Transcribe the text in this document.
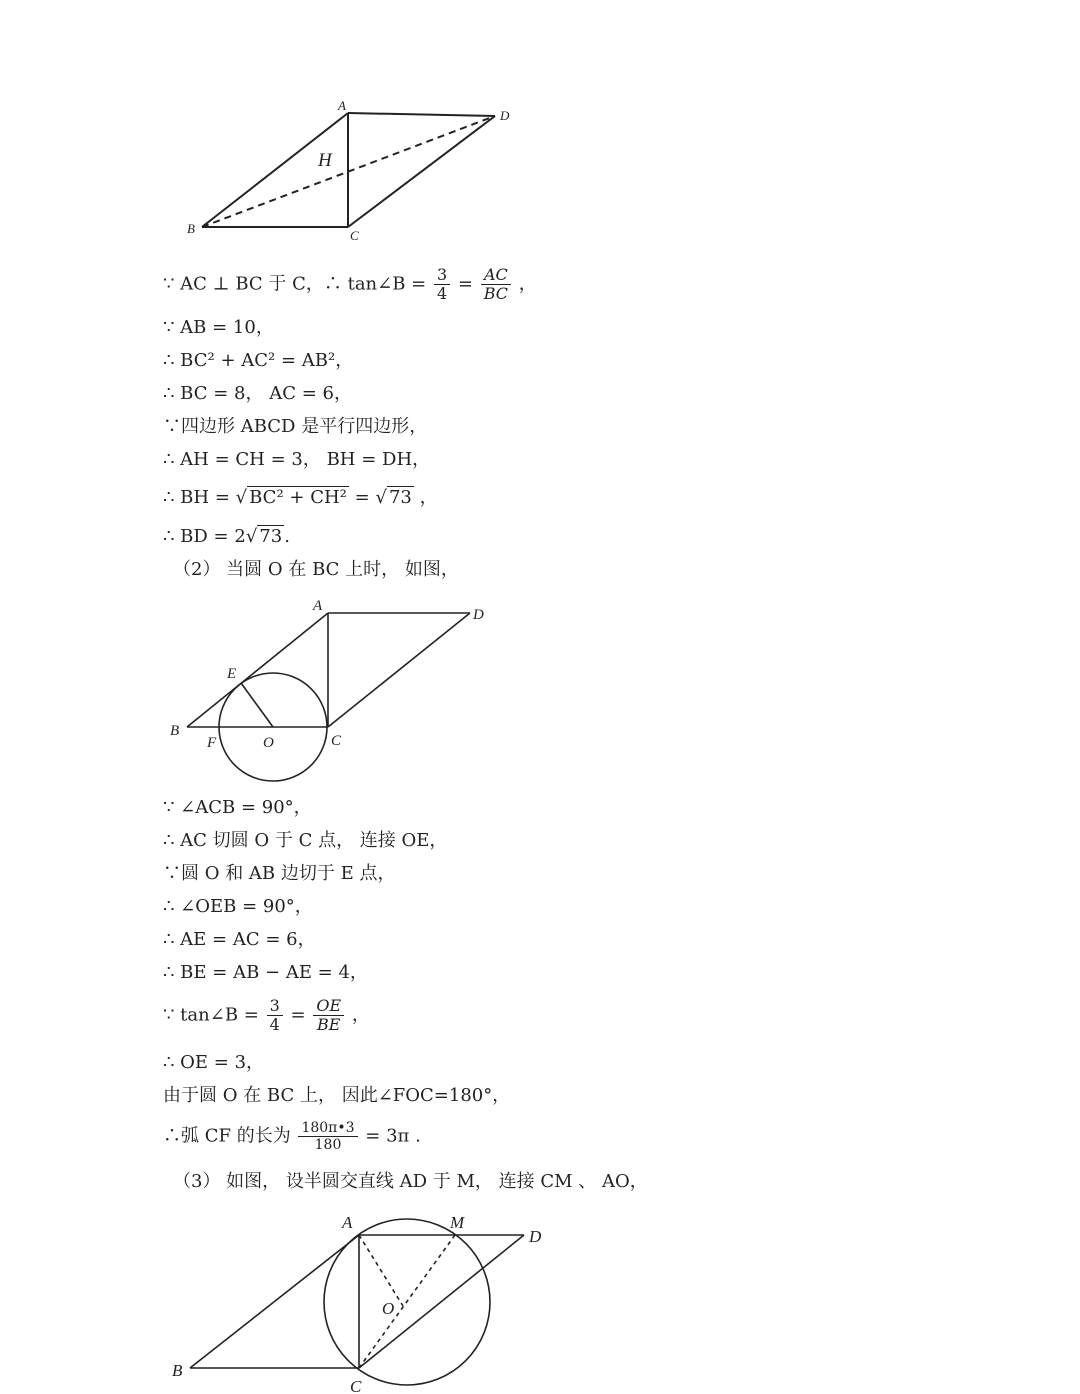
A
D
B	C
H
∵ AC ⊥ BC 于 C，∴ tan∠B = $\frac{3}{4} = \frac{AC}{BC}$ ，
∵ AB = 10，
∴ BC² + AC² = AB²，
∴ BC = 8， AC = 6，
∵四边形 ABCD 是平行四边形，
∴ AH = CH = 3， BH = DH，
∴ BH = √ BC² + CH² = √ 73 ，
∴ BD = 2√ 73 .
（2） 当圆 O 在 BC 上时， 如图，
A
D
B
C
E
F	O
∵ ∠ACB = 90°，
∴ AC 切圆 O 于 C 点， 连接 OE，
∵圆 O 和 AB 边切于 E 点，
∴ ∠OEB = 90°，
∴ AE = AC = 6，
∴ BE = AB − AE = 4，
∵ tan∠B = $\frac{3}{4} = \frac{OE}{BE}$ ，
∴ OE = 3，
由于圆 O 在 BC 上， 因此∠FOC=180°，
∴弧 CF 的长为 $\frac{180\pi•3}{180} = 3\pi$ .
（3） 如图， 设半圆交直线 AD 于 M， 连接 CM 、 AO，
A	M
D
O
B
C
